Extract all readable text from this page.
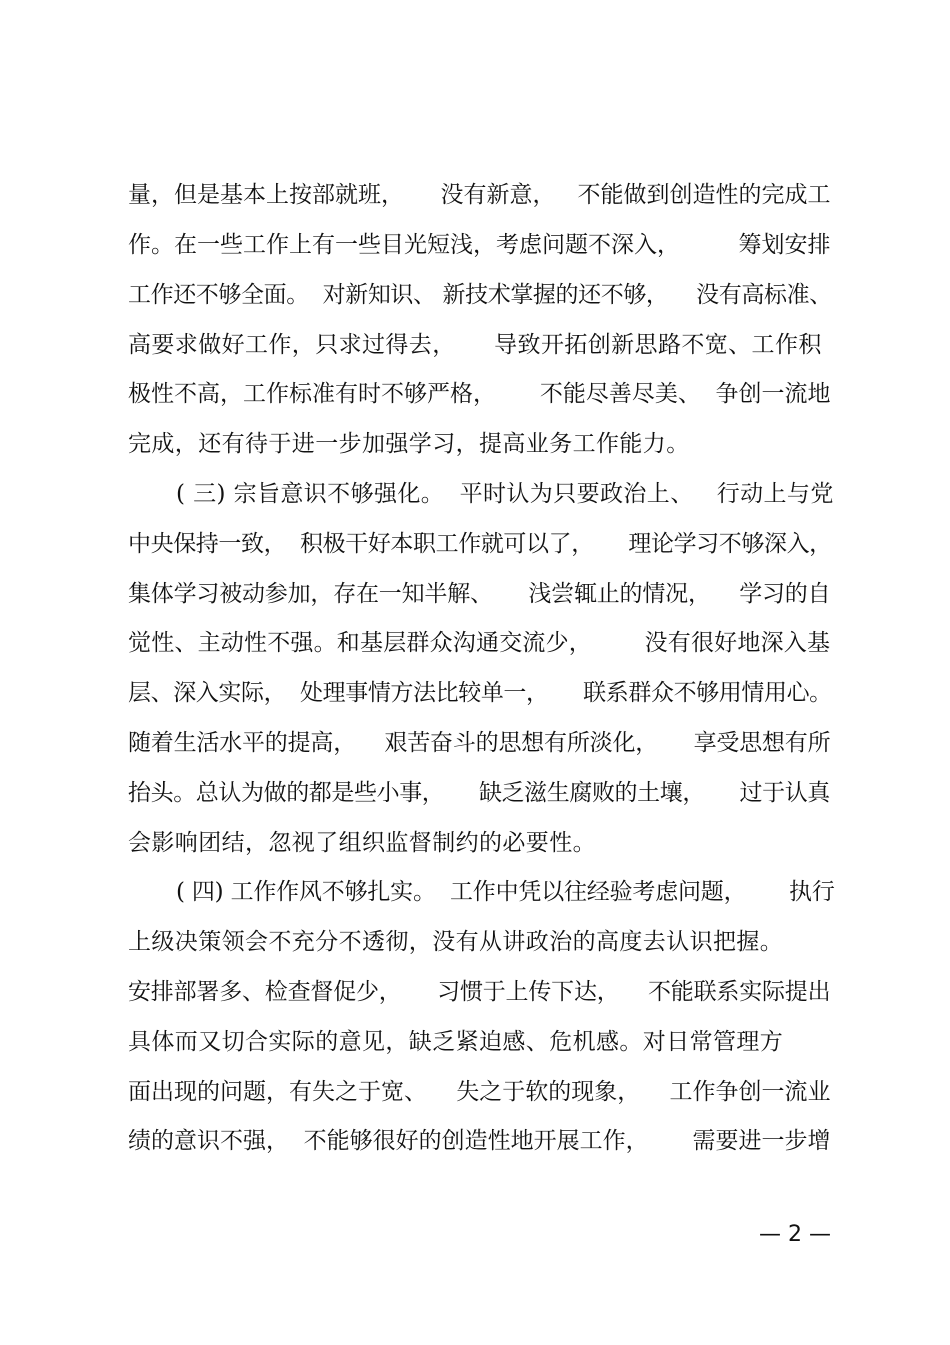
量，但是基本上按部就班，     没有新意，   不能做到创造性的完成工
作。在一些工作上有一些目光短浅，考虑问题不深入，        筹划安排
工作还不够全面。  对新知识、 新技术掌握的还不够，    没有高标准、
高要求做好工作，只求过得去，     导致开拓创新思路不宽、工作积
极性不高，工作标准有时不够严格，      不能尽善尽美、  争创一流地
完成，还有待于进一步加强学习，提高业务工作能力。
( 三) 宗旨意识不够强化。  平时认为只要政治上、   行动上与党
中央保持一致，  积极干好本职工作就可以了，     理论学习不够深入，
集体学习被动参加，存在一知半解、     浅尝辄止的情况，    学习的自
觉性、主动性不强。和基层群众沟通交流少，       没有很好地深入基
层、深入实际，  处理事情方法比较单一，     联系群众不够用情用心。
随着生活水平的提高，    艰苦奋斗的思想有所淡化，     享受思想有所
抬头。总认为做的都是些小事，     缺乏滋生腐败的土壤，     过于认真
会影响团结，忽视了组织监督制约的必要性。
( 四) 工作作风不够扎实。  工作中凭以往经验考虑问题，      执行
上级决策领会不充分不透彻，没有从讲政治的高度去认识把握。
安排部署多、检查督促少，     习惯于上传下达，    不能联系实际提出
具体而又切合实际的意见，缺乏紧迫感、危机感。对日常管理方
面出现的问题，有失之于宽、    失之于软的现象，    工作争创一流业
绩的意识不强，  不能够很好的创造性地开展工作，      需要进一步增
— 2 —
